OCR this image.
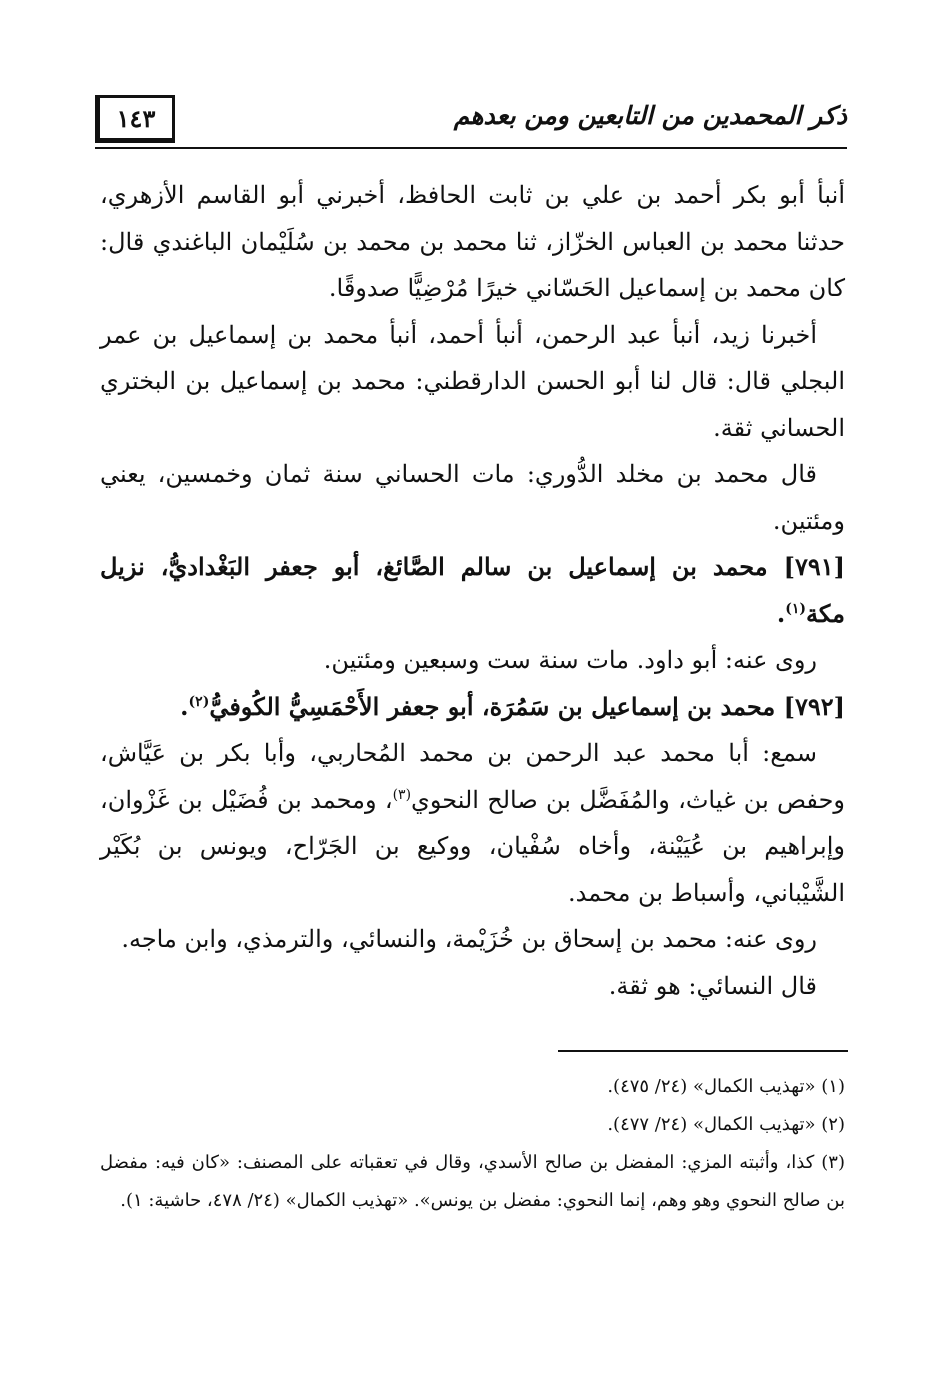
١٤٣	ذكر المحمدين من التابعين ومن بعدهم

أنبأ أبو بكر أحمد بن علي بن ثابت الحافظ، أخبرني أبو القاسم الأزهري، حدثنا محمد بن العباس الخزّاز، ثنا محمد بن محمد بن سُلَيْمان الباغندي قال: كان محمد بن إسماعيل الحَسّاني خيرًا مُرْضِيًّا صدوقًا.

أخبرنا زيد، أنبأ عبد الرحمن، أنبأ أحمد، أنبأ محمد بن إسماعيل بن عمر البجلي قال: قال لنا أبو الحسن الدارقطني: محمد بن إسماعيل بن البختري الحساني ثقة.

قال محمد بن مخلد الدُّوري: مات الحساني سنة ثمان وخمسين، يعني ومئتين.

[٧٩١] محمد بن إسماعيل بن سالم الصَّائغ، أبو جعفر البَغْداديُّ، نزيل مكة$^{(١)}$.

روى عنه: أبو داود. مات سنة ست وسبعين ومئتين.

[٧٩٢] محمد بن إسماعيل بن سَمُرَة، أبو جعفر الأَحْمَسِيُّ الكُوفيُّ$^{(٢)}$.

سمع: أبا محمد عبد الرحمن بن محمد المُحاربي، وأبا بكر بن عَيَّاش، وحفص بن غياث، والمُفَضَّل بن صالح النحوي$^{(٣)}$، ومحمد بن فُضَيْل بن غَزْوان، وإبراهيم بن عُيَيْنة، وأخاه سُفْيان، ووكيع بن الجَرّاح، ويونس بن بُكَيْر الشَّيْباني، وأسباط بن محمد.

روى عنه: محمد بن إسحاق بن خُزَيْمة، والنسائي، والترمذي، وابن ماجه.

قال النسائي: هو ثقة.

(١) «تهذيب الكمال» (٢٤/ ٤٧٥).

(٢) «تهذيب الكمال» (٢٤/ ٤٧٧).

(٣) كذا، وأثبته المزي: المفضل بن صالح الأسدي، وقال في تعقباته على المصنف: «كان فيه: مفضل بن صالح النحوي وهو وهم، إنما النحوي: مفضل بن يونس». «تهذيب الكمال» (٢٤/ ٤٧٨، حاشية: ١).
